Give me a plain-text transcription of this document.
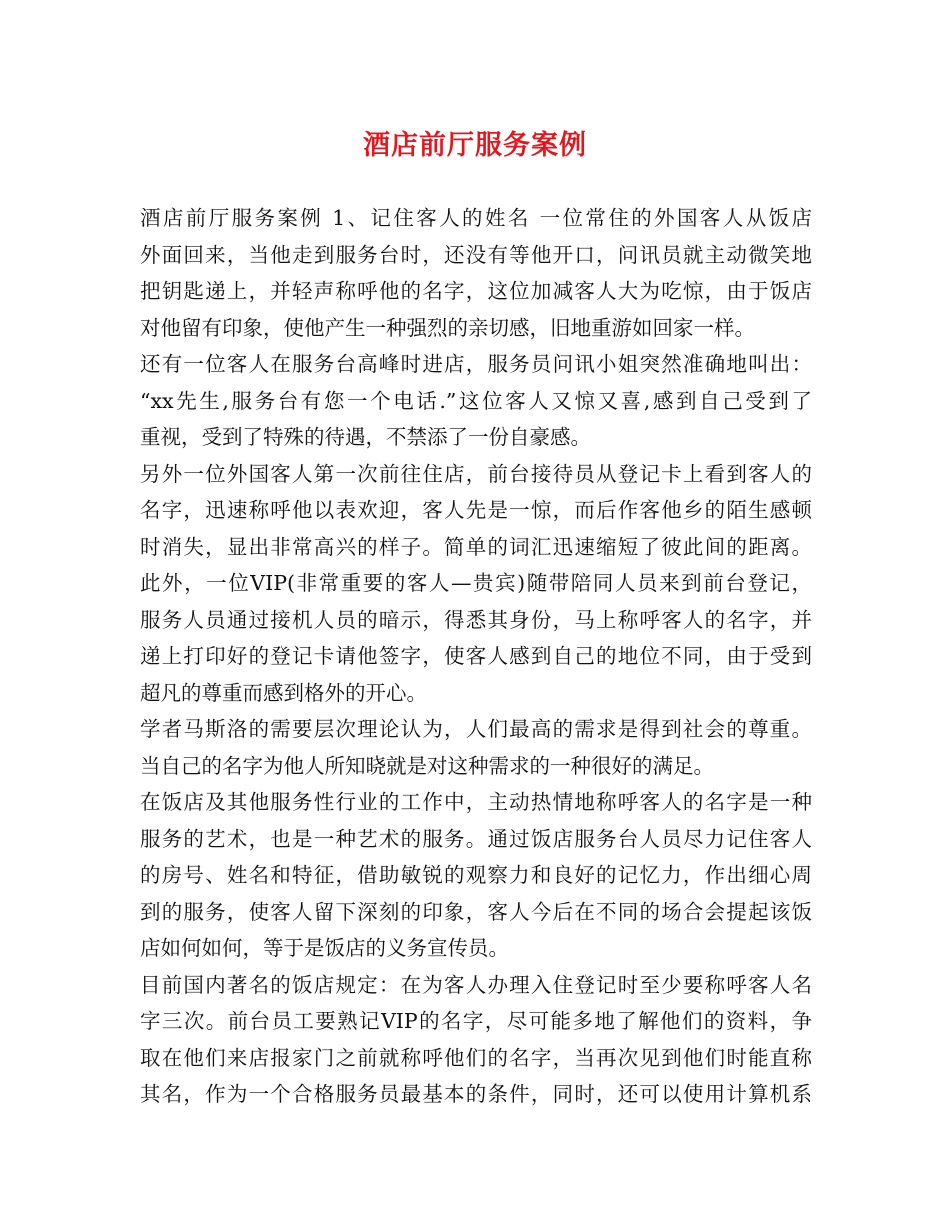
酒店前厅服务案例
酒店前厅服务案例 1、记住客人的姓名 一位常住的外国客人从饭店
外面回来，当他走到服务台时，还没有等他开口，问讯员就主动微笑地
把钥匙递上，并轻声称呼他的名字，这位加减客人大为吃惊，由于饭店
对他留有印象，使他产生一种强烈的亲切感，旧地重游如回家一样。
还有一位客人在服务台高峰时进店，服务员问讯小姐突然准确地叫出：
“xx先生,服务台有您一个电话.”这位客人又惊又喜,感到自己受到了
重视，受到了特殊的待遇，不禁添了一份自豪感。
另外一位外国客人第一次前往住店，前台接待员从登记卡上看到客人的
名字，迅速称呼他以表欢迎，客人先是一惊，而后作客他乡的陌生感顿
时消失，显出非常高兴的样子。简单的词汇迅速缩短了彼此间的距离。
此外，一位VIP(非常重要的客人—贵宾)随带陪同人员来到前台登记，
服务人员通过接机人员的暗示，得悉其身份，马上称呼客人的名字，并
递上打印好的登记卡请他签字，使客人感到自己的地位不同，由于受到
超凡的尊重而感到格外的开心。
学者马斯洛的需要层次理论认为，人们最高的需求是得到社会的尊重。
当自己的名字为他人所知晓就是对这种需求的一种很好的满足。
在饭店及其他服务性行业的工作中，主动热情地称呼客人的名字是一种
服务的艺术，也是一种艺术的服务。通过饭店服务台人员尽力记住客人
的房号、姓名和特征，借助敏锐的观察力和良好的记忆力，作出细心周
到的服务，使客人留下深刻的印象，客人今后在不同的场合会提起该饭
店如何如何，等于是饭店的义务宣传员。
目前国内著名的饭店规定：在为客人办理入住登记时至少要称呼客人名
字三次。前台员工要熟记VIP的名字，尽可能多地了解他们的资料，争
取在他们来店报家门之前就称呼他们的名字，当再次见到他们时能直称
其名，作为一个合格服务员最基本的条件，同时，还可以使用计算机系
